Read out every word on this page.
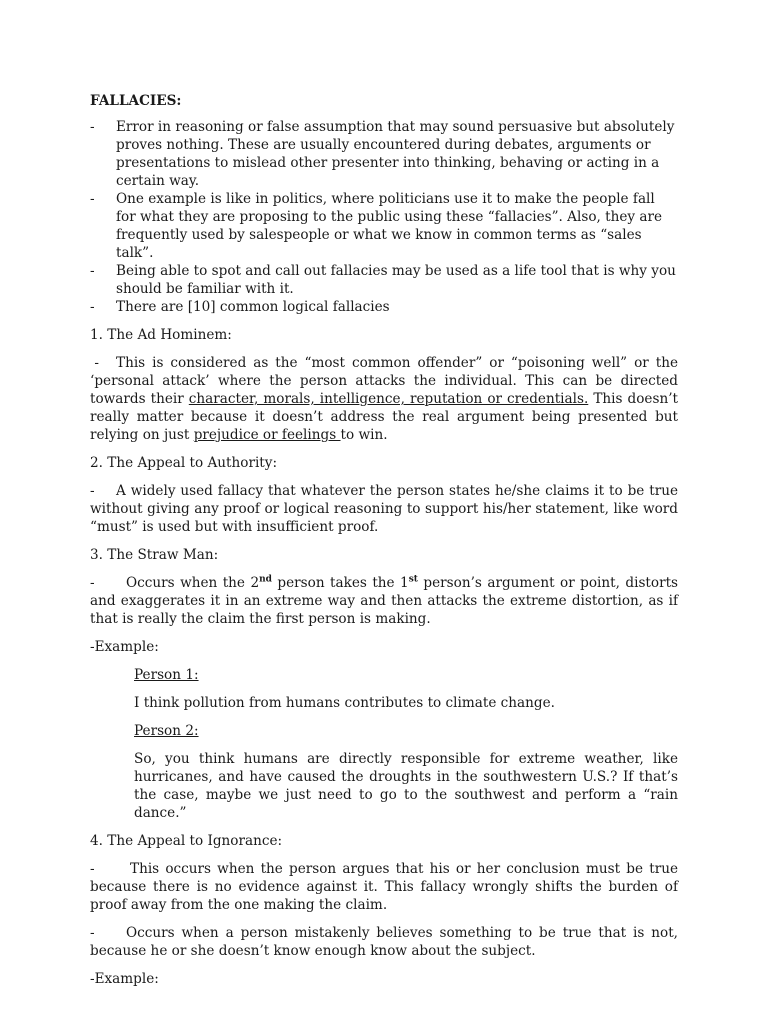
FALLACIES:
- Error in reasoning or false assumption that may sound persuasive but absolutely proves nothing. These are usually encountered during debates, arguments or presentations to mislead other presenter into thinking, behaving or acting in a certain way.
- One example is like in politics, where politicians use it to make the people fall for what they are proposing to the public using these “fallacies”. Also, they are frequently used by salespeople or what we know in common terms as “sales talk”.
- Being able to spot and call out fallacies may be used as a life tool that is why you should be familiar with it.
- There are [10] common logical fallacies
1. The Ad Hominem:

- This is considered as the “most common offender” or “poisoning well” or the ‘personal attack’ where the person attacks the individual. This can be directed towards their character, morals, intelligence, reputation or credentials. This doesn’t really matter because it doesn’t address the real argument being presented but relying on just prejudice or feelings to win.

2. The Appeal to Authority:

- A widely used fallacy that whatever the person states he/she claims it to be true without giving any proof or logical reasoning to support his/her statement, like word “must” is used but with insufficient proof.

3. The Straw Man:

- Occurs when the 2nd person takes the 1st person’s argument or point, distorts and exaggerates it in an extreme way and then attacks the extreme distortion, as if that is really the claim the first person is making.

-Example:
Person 1:
I think pollution from humans contributes to climate change.
Person 2:
So, you think humans are directly responsible for extreme weather, like hurricanes, and have caused the droughts in the southwestern U.S.? If that’s the case, maybe we just need to go to the southwest and perform a “rain dance.”
4. The Appeal to Ignorance:

-	This occurs when the person argues that his or her conclusion must be true because there is no evidence against it. This fallacy wrongly shifts the burden of proof away from the one making the claim.

- Occurs when a person mistakenly believes something to be true that is not, because he or she doesn’t know enough know about the subject.

-Example:
